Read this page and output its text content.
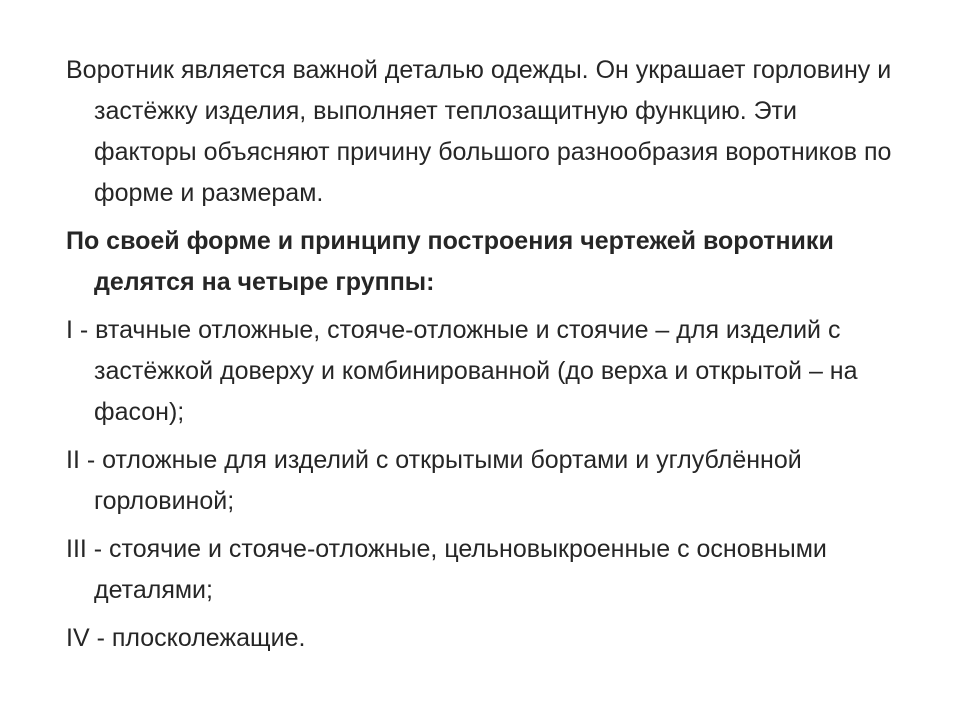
Воротник является важной деталью одежды. Он украшает горловину и застёжку изделия, выполняет теплозащитную функцию. Эти факторы объясняют причину большого разнообразия воротников по форме и размерам.

По своей форме и принципу построения чертежей воротники делятся на четыре группы:

I - втачные отложные, стояче-отложные и стоячие – для изделий с застёжкой доверху и комбинированной (до верха и открытой – на фасон);

II - отложные для изделий с открытыми бортами и углублённой горловиной;

III - стоячие и стояче-отложные, цельновыкроенные с основными деталями;

IV - плосколежащие.
